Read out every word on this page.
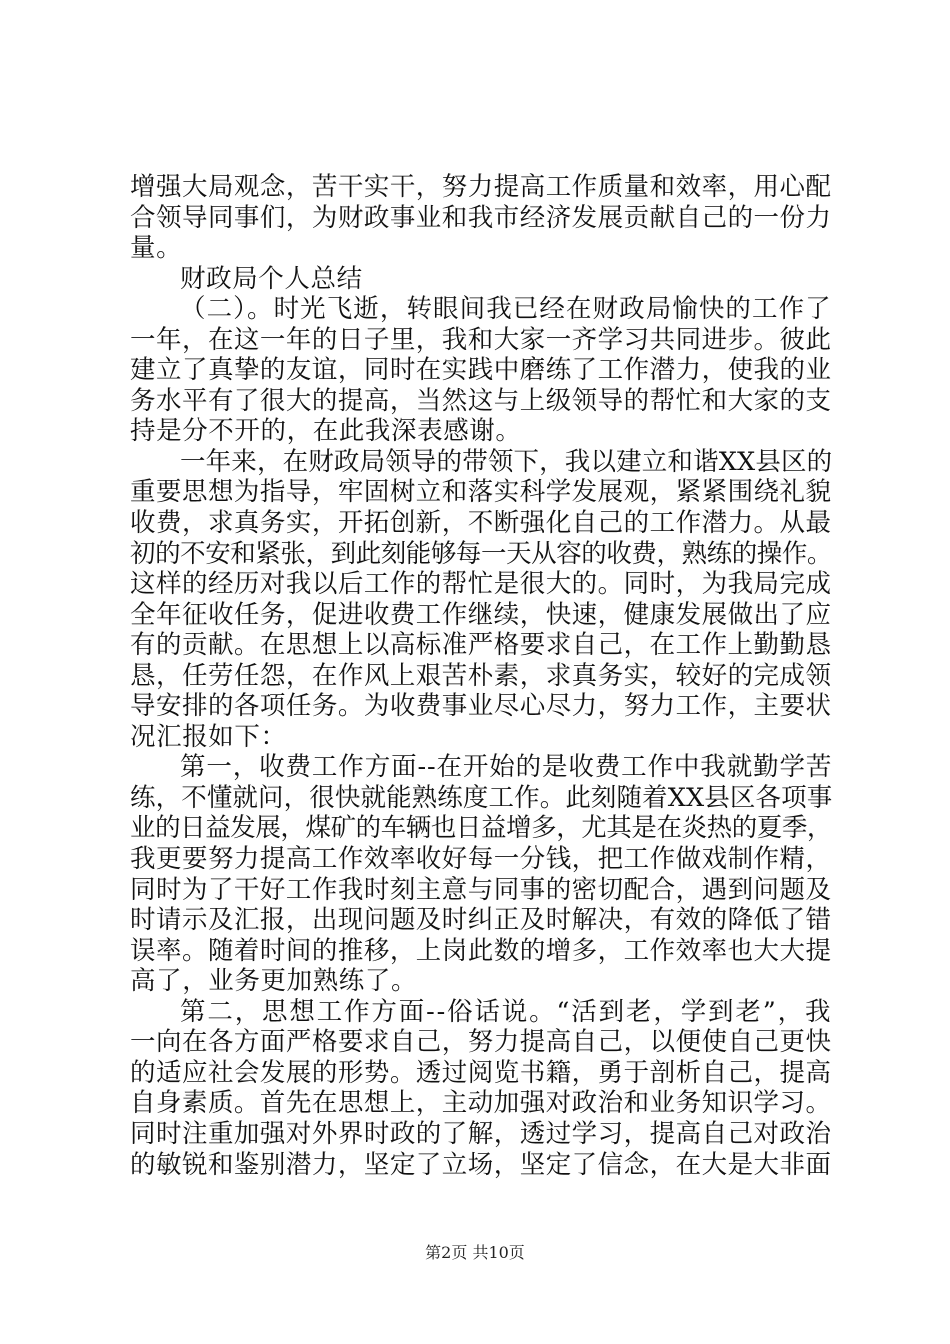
增强大局观念，苦干实干，努力提高工作质量和效率，用心配
合领导同事们，为财政事业和我市经济发展贡献自己的一份力
量。
财政局个人总结
（二）。时光飞逝，转眼间我已经在财政局愉快的工作了
一年，在这一年的日子里，我和大家一齐学习共同进步。彼此
建立了真挚的友谊，同时在实践中磨练了工作潜力，使我的业
务水平有了很大的提高，当然这与上级领导的帮忙和大家的支
持是分不开的，在此我深表感谢。
一年来，在财政局领导的带领下，我以建立和谐XX县区的
重要思想为指导，牢固树立和落实科学发展观，紧紧围绕礼貌
收费，求真务实，开拓创新，不断强化自己的工作潜力。从最
初的不安和紧张，到此刻能够每一天从容的收费，熟练的操作。
这样的经历对我以后工作的帮忙是很大的。同时，为我局完成
全年征收任务，促进收费工作继续，快速，健康发展做出了应
有的贡献。在思想上以高标准严格要求自己，在工作上勤勤恳
恳，任劳任怨，在作风上艰苦朴素，求真务实，较好的完成领
导安排的各项任务。为收费事业尽心尽力，努力工作，主要状
况汇报如下：
第一，收费工作方面--在开始的是收费工作中我就勤学苦
练，不懂就问，很快就能熟练度工作。此刻随着XX县区各项事
业的日益发展，煤矿的车辆也日益增多，尤其是在炎热的夏季，
我更要努力提高工作效率收好每一分钱，把工作做戏制作精，
同时为了干好工作我时刻主意与同事的密切配合，遇到问题及
时请示及汇报，出现问题及时纠正及时解决，有效的降低了错
误率。随着时间的推移，上岗此数的增多，工作效率也大大提
高了，业务更加熟练了。
第二，思想工作方面--俗话说。“活到老，学到老”，我
一向在各方面严格要求自己，努力提高自己，以便使自己更快
的适应社会发展的形势。透过阅览书籍，勇于剖析自己，提高
自身素质。首先在思想上，主动加强对政治和业务知识学习。
同时注重加强对外界时政的了解，透过学习，提高自己对政治
的敏锐和鉴别潜力，坚定了立场，坚定了信念，在大是大非面
第2页 共10页
